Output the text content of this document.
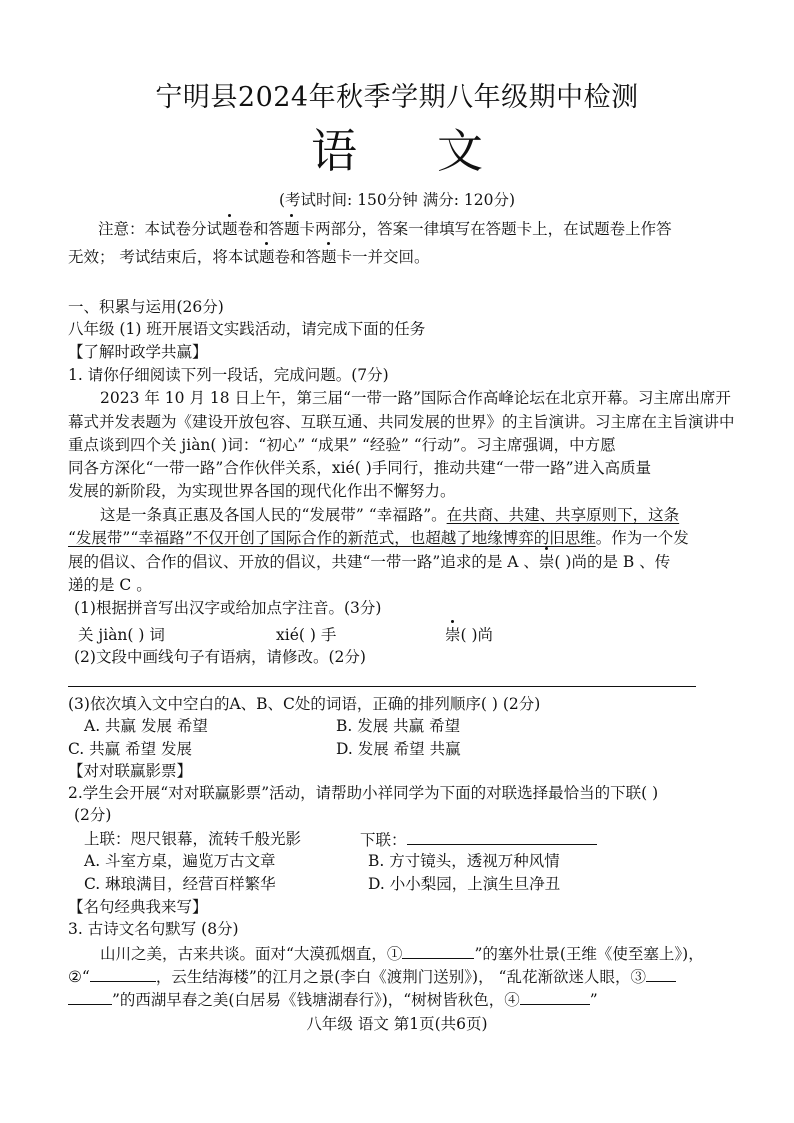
宁明县2024年秋季学期八年级期中检测
语 文
(考试时间: 150分钟 满分: 120分)
注意：本试卷分试题卷和答题卡两部分，答案一律填写在答题卡上，在试题卷上作答
无效； 考试结束后，将本试题卷和答题卡一并交回。
一、积累与运用(26分)
八年级 (1) 班开展语文实践活动，请完成下面的任务
【了解时政学共赢】
1. 请你仔细阅读下列一段话，完成问题。(7分)
2023 年 10 月 18 日上午，第三届“一带一路”国际合作高峰论坛在北京开幕。习主席出席开
幕式并发表题为《建设开放包容、互联互通、共同发展的世界》的主旨演讲。习主席在主旨演讲中
重点谈到四个关 jiàn( )词：“初心” “成果” “经验” “行动”。习主席强调，中方愿
同各方深化“一带一路”合作伙伴关系，xié( )手同行，推动共建“一带一路”进入高质量
发展的新阶段，为实现世界各国的现代化作出不懈努力。
这是一条真正惠及各国人民的“发展带” “幸福路”。在共商、共建、共享原则下，这条
“发展带”“幸福路”不仅开创了国际合作的新范式，也超越了地缘博弈的旧思维。作为一个发
展的倡议、合作的倡议、开放的倡议，共建“一带一路”追求的是 A 、崇( )尚的是 B 、传
递的是 C 。
(1)根据拼音写出汉字或给加点字注音。(3分)
关 jiàn( ) 词	xié( ) 手	崇( )尚
(2)文段中画线句子有语病，请修改。(2分)
(3)依次填入文中空白的A、B、C处的词语，正确的排列顺序( ) (2分)
A. 共赢 发展 希望	B. 发展 共赢 希望
C. 共赢 希望 发展	D. 发展 希望 共赢
【对对联赢影票】
2.学生会开展“对对联赢影票”活动，请帮助小祥同学为下面的对联选择最恰当的下联( )
(2分)
上联：咫尺银幕，流转千般光影	下联：
A. 斗室方桌，遍览万古文章	B. 方寸镜头，透视万种风情
C. 琳琅满目，经营百样繁华	D. 小小梨园，上演生旦净丑
【名句经典我来写】
3. 古诗文名句默写 (8分)
山川之美，古来共谈。面对“大漠孤烟直，①	”的塞外壮景(王维《使至塞上》)，
②“	，云生结海楼”的江月之景(李白《渡荆门送别》)， “乱花渐欲迷人眼，③
”的西湖早春之美(白居易《钱塘湖春行》)，“树树皆秋色，④	”
八年级 语文 第1页(共6页)
